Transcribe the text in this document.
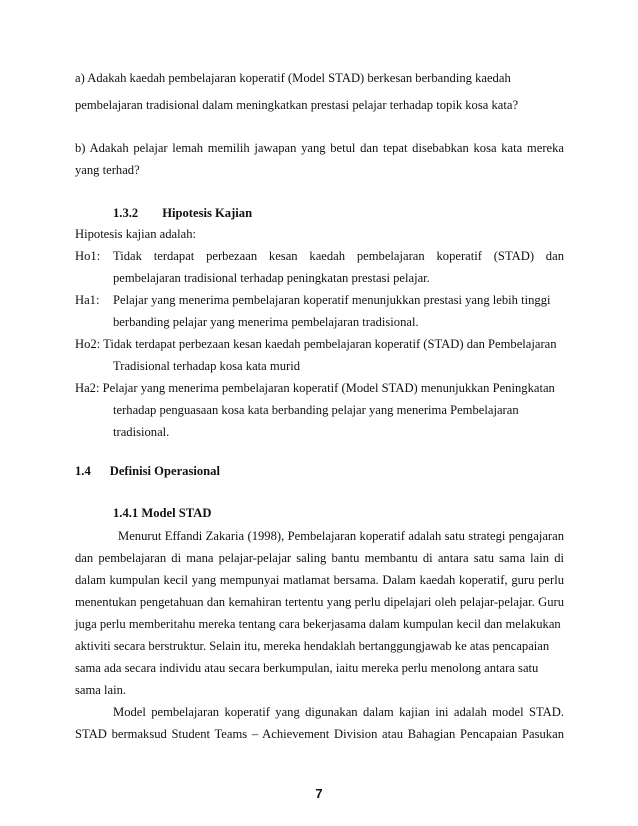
a) Adakah kaedah pembelajaran koperatif (Model STAD) berkesan berbanding kaedah
pembelajaran tradisional dalam meningkatkan prestasi pelajar terhadap topik kosa kata?
b) Adakah pelajar lemah memilih jawapan yang betul dan tepat disebabkan kosa kata mereka
yang terhad?
1.3.2 Hipotesis Kajian
Hipotesis kajian adalah:
Ho1:	Tidak terdapat perbezaan kesan kaedah pembelajaran koperatif (STAD) dan
pembelajaran tradisional terhadap peningkatan prestasi pelajar.
Ha1:	Pelajar yang menerima pembelajaran koperatif menunjukkan prestasi yang lebih tinggi
berbanding pelajar yang menerima pembelajaran tradisional.
Ho2: Tidak terdapat perbezaan kesan kaedah pembelajaran koperatif (STAD) dan Pembelajaran
Tradisional terhadap kosa kata murid
Ha2: Pelajar yang menerima pembelajaran koperatif (Model STAD) menunjukkan Peningkatan
terhadap penguasaan kosa kata berbanding pelajar yang menerima Pembelajaran
tradisional.
1.4 Definisi Operasional
1.4.1 Model STAD
Menurut Effandi Zakaria (1998), Pembelajaran koperatif adalah satu strategi pengajaran
dan pembelajaran di mana pelajar-pelajar saling bantu membantu di antara satu sama lain di
dalam kumpulan kecil yang mempunyai matlamat bersama. Dalam kaedah koperatif, guru perlu
menentukan pengetahuan dan kemahiran tertentu yang perlu dipelajari oleh pelajar-pelajar. Guru
juga perlu memberitahu mereka tentang cara bekerjasama dalam kumpulan kecil dan melakukan
aktiviti secara berstruktur. Selain itu, mereka hendaklah bertanggungjawab ke atas pencapaian
sama ada secara individu atau secara berkumpulan, iaitu mereka perlu menolong antara satu
sama lain.
Model pembelajaran koperatif yang digunakan dalam kajian ini adalah model STAD.
STAD bermaksud Student Teams – Achievement Division atau Bahagian Pencapaian Pasukan
7
